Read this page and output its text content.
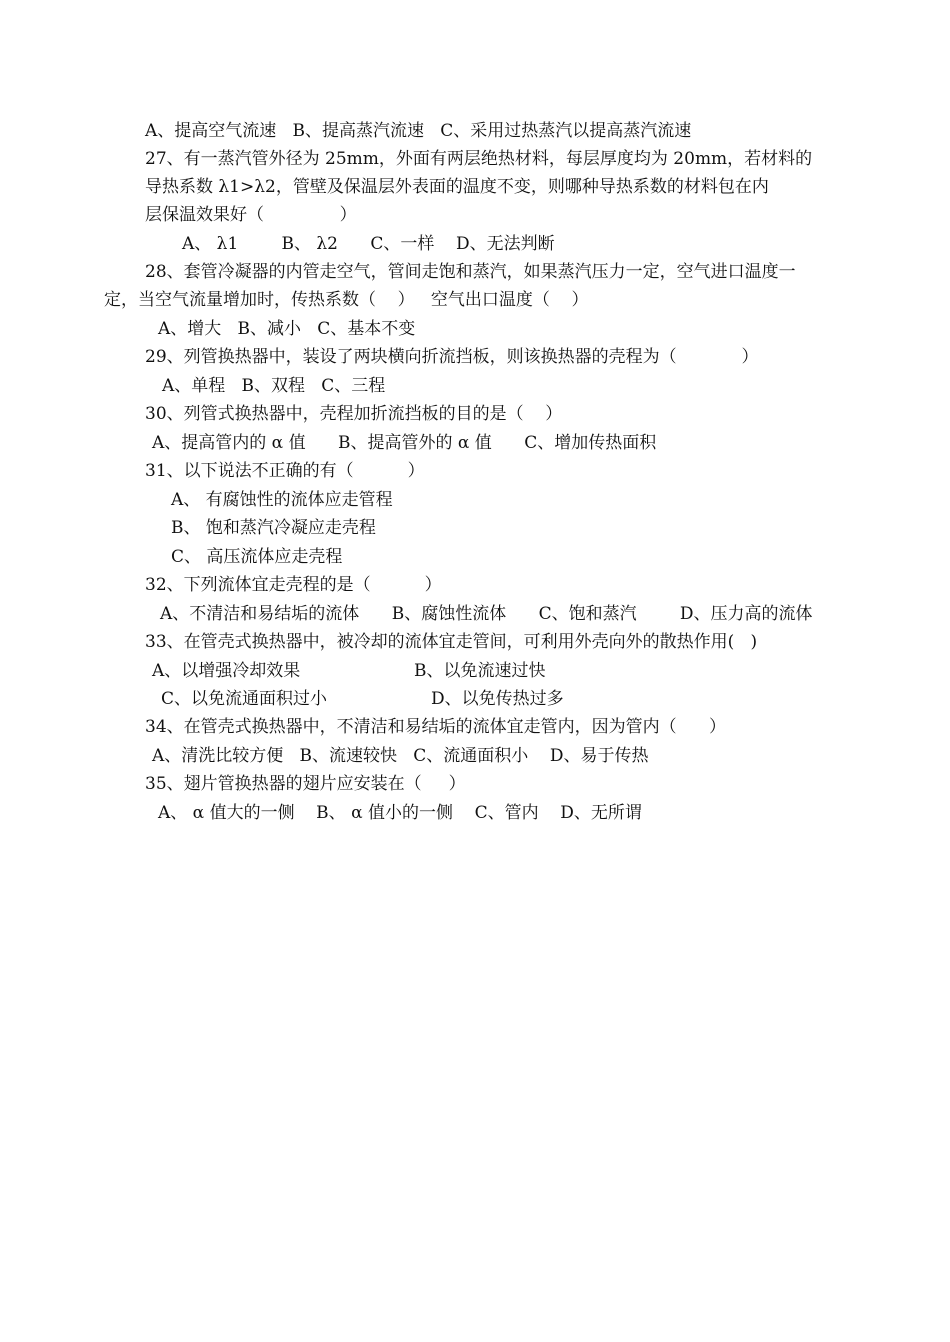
A、提高空气流速   B、提高蒸汽流速   C、采用过热蒸汽以提高蒸汽流速
27、有一蒸汽管外径为 25mm，外面有两层绝热材料，每层厚度均为 20mm，若材料的
导热系数 λ1>λ2，管壁及保温层外表面的温度不变，则哪种导热系数的材料包在内
层保温效果好（              ）
A、 λ1        B、 λ2      C、一样    D、无法判断
28、套管冷凝器的内管走空气，管间走饱和蒸汽，如果蒸汽压力一定，空气进口温度一
定，当空气流量增加时，传热系数（    ）   空气出口温度（    ）
A、增大   B、减小   C、基本不变
29、列管换热器中，装设了两块横向折流挡板，则该换热器的壳程为（            ）
A、单程   B、双程   C、三程
30、列管式换热器中，壳程加折流挡板的目的是（    ）
A、提高管内的 α 值      B、提高管外的 α 值      C、增加传热面积
31、以下说法不正确的有（          ）
A、 有腐蚀性的流体应走管程
B、 饱和蒸汽冷凝应走壳程
C、 高压流体应走壳程
32、下列流体宜走壳程的是（          ）
A、不清洁和易结垢的流体      B、腐蚀性流体      C、饱和蒸汽        D、压力高的流体
33、在管壳式换热器中，被冷却的流体宜走管间，可利用外壳向外的散热作用(   )
A、以增强冷却效果	B、以免流速过快
C、以免流通面积过小	D、以免传热过多
34、在管壳式换热器中，不清洁和易结垢的流体宜走管内，因为管内（      ）
A、清洗比较方便   B、流速较快   C、流通面积小    D、易于传热
35、翅片管换热器的翅片应安装在（     ）
A、 α 值大的一侧    B、 α 值小的一侧    C、管内    D、无所谓
